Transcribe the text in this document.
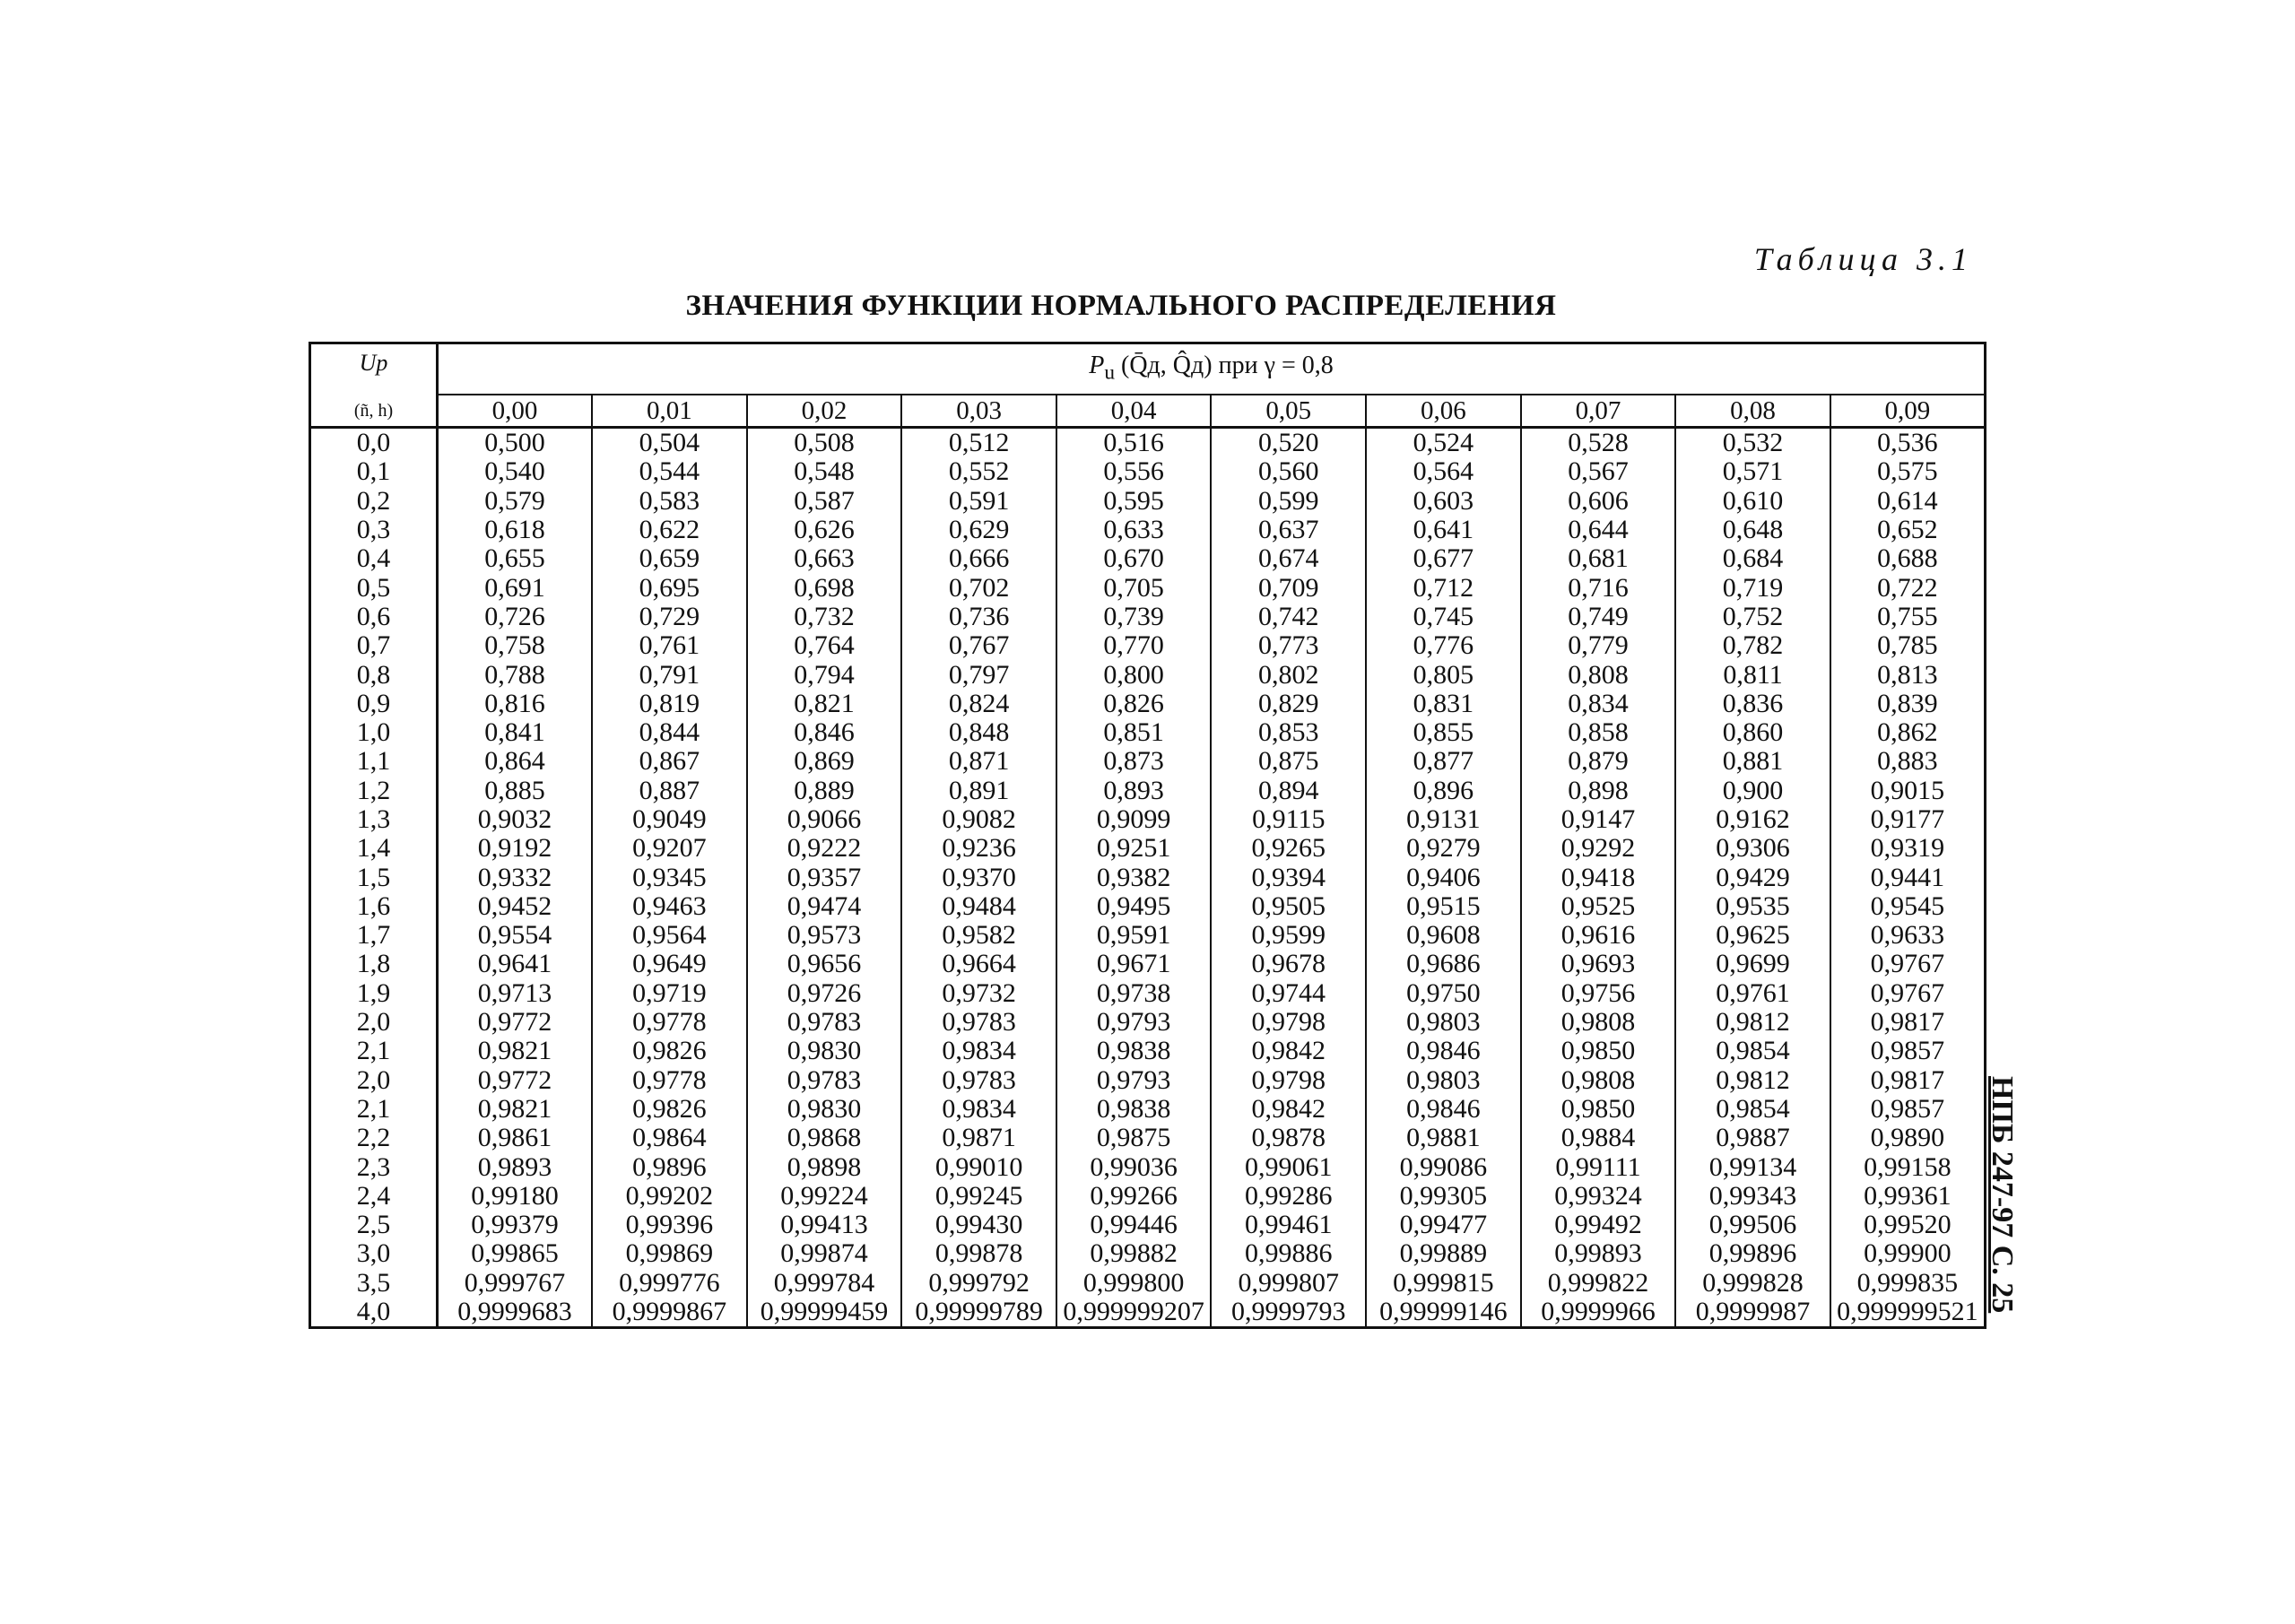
Таблица 3.1
ЗНАЧЕНИЯ ФУНКЦИИ НОРМАЛЬНОГО РАСПРЕДЕЛЕНИЯ
НПБ 247-97 С. 25
Up	$P_u$ (Q̄д, Q̂д) при γ = 0,8									
(ñ, h)	0,00	0,01	0,02	0,03	0,04	0,05	0,06	0,07	0,08	0,09
0,0	0,500	0,504	0,508	0,512	0,516	0,520	0,524	0,528	0,532	0,536
0,1	0,540	0,544	0,548	0,552	0,556	0,560	0,564	0,567	0,571	0,575
0,2	0,579	0,583	0,587	0,591	0,595	0,599	0,603	0,606	0,610	0,614
0,3	0,618	0,622	0,626	0,629	0,633	0,637	0,641	0,644	0,648	0,652
0,4	0,655	0,659	0,663	0,666	0,670	0,674	0,677	0,681	0,684	0,688
0,5	0,691	0,695	0,698	0,702	0,705	0,709	0,712	0,716	0,719	0,722
0,6	0,726	0,729	0,732	0,736	0,739	0,742	0,745	0,749	0,752	0,755
0,7	0,758	0,761	0,764	0,767	0,770	0,773	0,776	0,779	0,782	0,785
0,8	0,788	0,791	0,794	0,797	0,800	0,802	0,805	0,808	0,811	0,813
0,9	0,816	0,819	0,821	0,824	0,826	0,829	0,831	0,834	0,836	0,839
1,0	0,841	0,844	0,846	0,848	0,851	0,853	0,855	0,858	0,860	0,862
1,1	0,864	0,867	0,869	0,871	0,873	0,875	0,877	0,879	0,881	0,883
1,2	0,885	0,887	0,889	0,891	0,893	0,894	0,896	0,898	0,900	0,9015
1,3	0,9032	0,9049	0,9066	0,9082	0,9099	0,9115	0,9131	0,9147	0,9162	0,9177
1,4	0,9192	0,9207	0,9222	0,9236	0,9251	0,9265	0,9279	0,9292	0,9306	0,9319
1,5	0,9332	0,9345	0,9357	0,9370	0,9382	0,9394	0,9406	0,9418	0,9429	0,9441
1,6	0,9452	0,9463	0,9474	0,9484	0,9495	0,9505	0,9515	0,9525	0,9535	0,9545
1,7	0,9554	0,9564	0,9573	0,9582	0,9591	0,9599	0,9608	0,9616	0,9625	0,9633
1,8	0,9641	0,9649	0,9656	0,9664	0,9671	0,9678	0,9686	0,9693	0,9699	0,9767
1,9	0,9713	0,9719	0,9726	0,9732	0,9738	0,9744	0,9750	0,9756	0,9761	0,9767
2,0	0,9772	0,9778	0,9783	0,9783	0,9793	0,9798	0,9803	0,9808	0,9812	0,9817
2,1	0,9821	0,9826	0,9830	0,9834	0,9838	0,9842	0,9846	0,9850	0,9854	0,9857
2,0	0,9772	0,9778	0,9783	0,9783	0,9793	0,9798	0,9803	0,9808	0,9812	0,9817
2,1	0,9821	0,9826	0,9830	0,9834	0,9838	0,9842	0,9846	0,9850	0,9854	0,9857
2,2	0,9861	0,9864	0,9868	0,9871	0,9875	0,9878	0,9881	0,9884	0,9887	0,9890
2,3	0,9893	0,9896	0,9898	0,99010	0,99036	0,99061	0,99086	0,99111	0,99134	0,99158
2,4	0,99180	0,99202	0,99224	0,99245	0,99266	0,99286	0,99305	0,99324	0,99343	0,99361
2,5	0,99379	0,99396	0,99413	0,99430	0,99446	0,99461	0,99477	0,99492	0,99506	0,99520
3,0	0,99865	0,99869	0,99874	0,99878	0,99882	0,99886	0,99889	0,99893	0,99896	0,99900
3,5	0,999767	0,999776	0,999784	0,999792	0,999800	0,999807	0,999815	0,999822	0,999828	0,999835
4,0	0,9999683	0,9999867	0,99999459	0,99999789	0,999999207	0,9999793	0,99999146	0,9999966	0,9999987	0,999999521
